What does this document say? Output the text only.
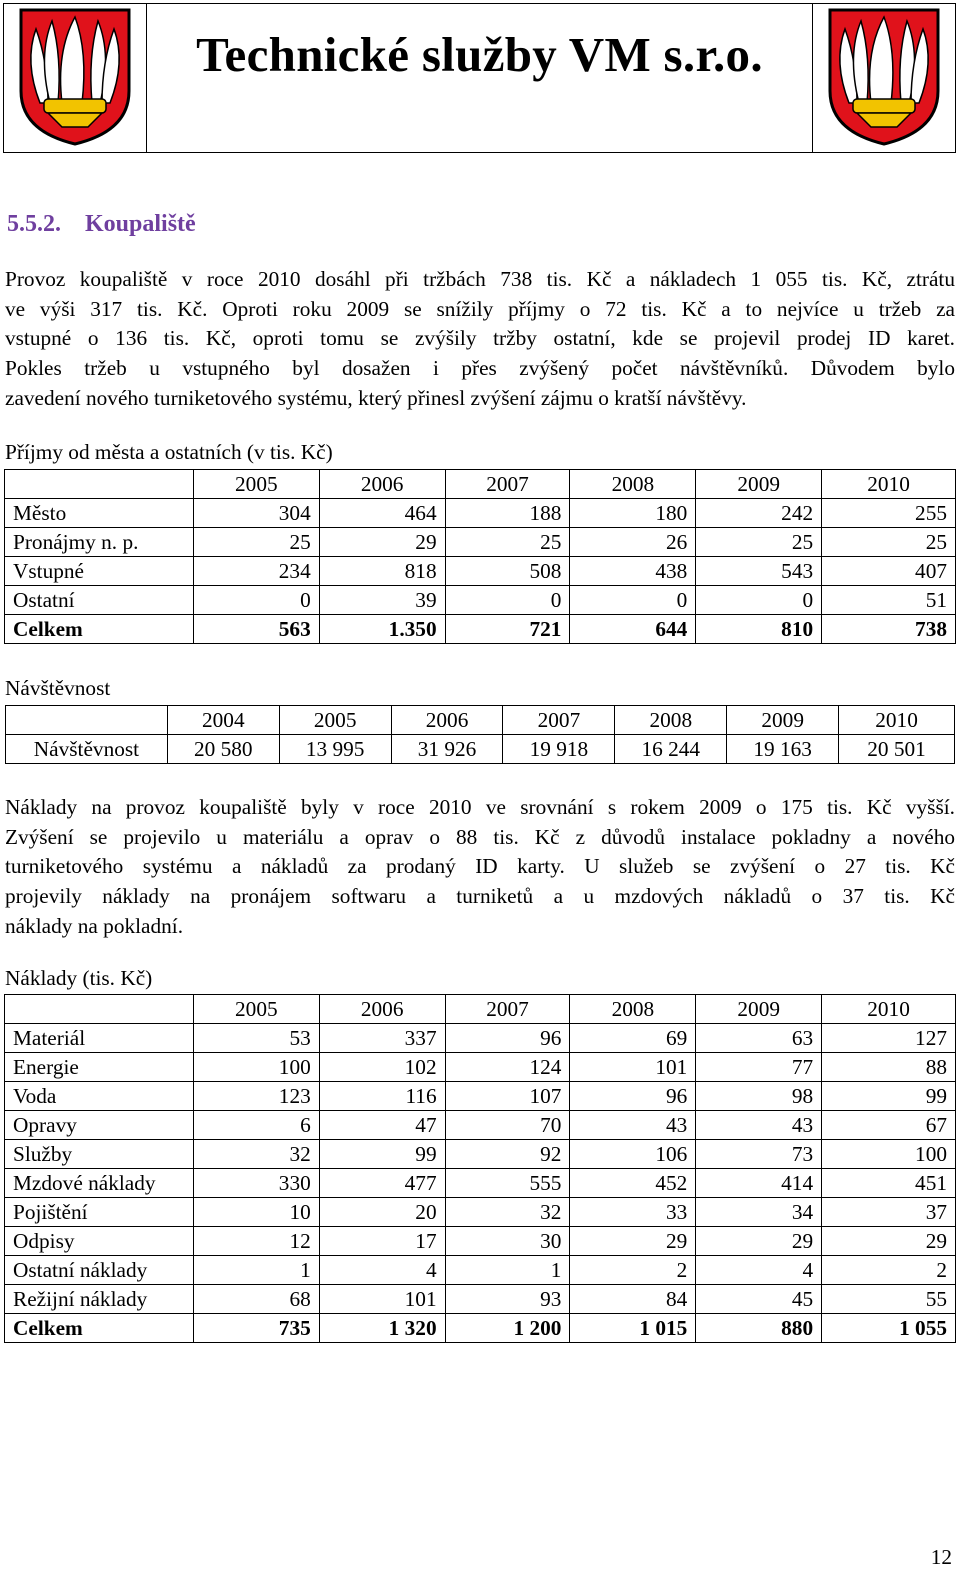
Technické služby VM s.r.o.
5.5.2. Koupaliště
Provoz koupaliště v roce 2010 dosáhl při tržbách 738 tis. Kč a nákladech 1 055 tis. Kč, ztrátu
ve výši 317 tis. Kč. Oproti roku 2009 se snížily příjmy o 72 tis. Kč a to nejvíce u tržeb za
vstupné o 136 tis. Kč, oproti tomu se zvýšily tržby ostatní, kde se projevil prodej ID karet.
Pokles tržeb u vstupného byl dosažen i přes zvýšený počet návštěvníků. Důvodem bylo
zavedení nového turniketového systému, který přinesl zvýšení zájmu o kratší návštěvy.
Příjmy od města a ostatních (v tis. Kč)
	2005	2006	2007	2008	2009	2010
Město	304	464	188	180	242	255
Pronájmy n. p.	25	29	25	26	25	25
Vstupné	234	818	508	438	543	407
Ostatní	0	39	0	0	0	51
Celkem	563	1.350	721	644	810	738
Návštěvnost
	2004	2005	2006	2007	2008	2009	2010
Návštěvnost	20 580	13 995	31 926	19 918	16 244	19 163	20 501
Náklady na provoz koupaliště byly v roce 2010 ve srovnání s rokem 2009 o 175 tis. Kč vyšší.
Zvýšení se projevilo u materiálu a oprav o 88 tis. Kč z důvodů instalace pokladny a nového
turniketového systému a nákladů za prodaný ID karty. U služeb se zvýšení o 27 tis. Kč
projevily náklady na pronájem softwaru a turniketů a u mzdových nákladů o 37 tis. Kč
náklady na pokladní.
Náklady (tis. Kč)
	2005	2006	2007	2008	2009	2010
Materiál	53	337	96	69	63	127
Energie	100	102	124	101	77	88
Voda	123	116	107	96	98	99
Opravy	6	47	70	43	43	67
Služby	32	99	92	106	73	100
Mzdové náklady	330	477	555	452	414	451
Pojištění	10	20	32	33	34	37
Odpisy	12	17	30	29	29	29
Ostatní náklady	1	4	1	2	4	2
Režijní náklady	68	101	93	84	45	55
Celkem	735	1 320	1 200	1 015	880	1 055
12
